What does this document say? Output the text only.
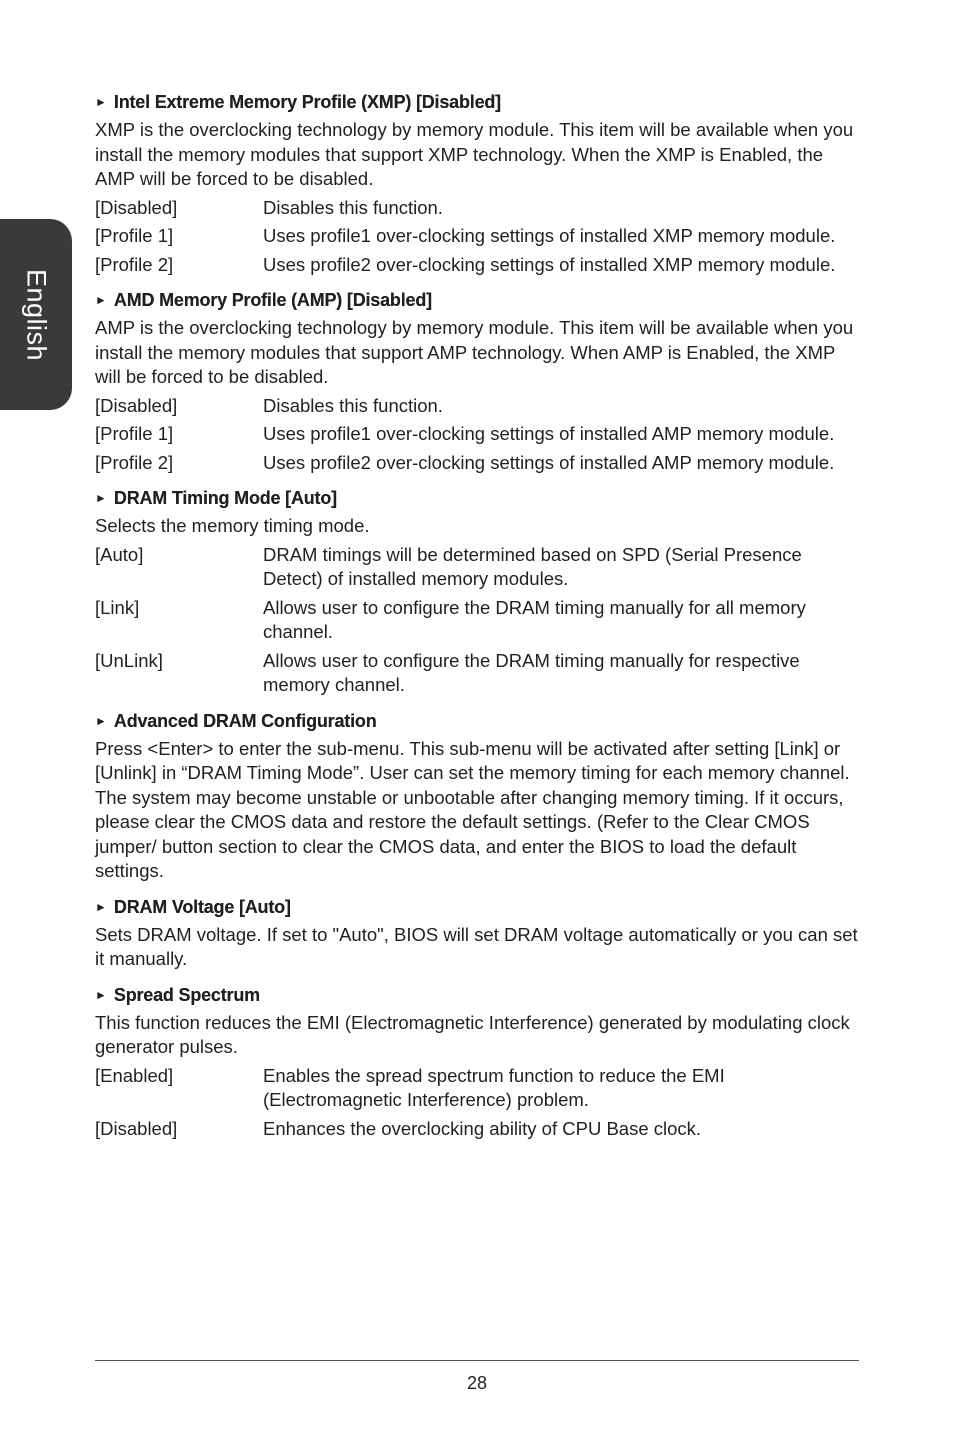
English
► Intel Extreme Memory Profile (XMP) [Disabled]
XMP is the overclocking technology by memory module. This item will be available when you install the memory modules that support XMP technology. When the XMP is Enabled, the AMP will be forced to be disabled.
[Disabled]	Disables this function.
[Profile 1]	Uses profile1 over-clocking settings of installed XMP memory module.
[Profile 2]	Uses profile2 over-clocking settings of installed XMP memory module.
► AMD Memory Profile (AMP) [Disabled]
AMP is the overclocking technology by memory module. This item will be available when you install the memory modules that support AMP technology. When AMP is Enabled, the XMP will be forced to be disabled.
[Disabled]	Disables this function.
[Profile 1]	Uses profile1 over-clocking settings of installed AMP memory module.
[Profile 2]	Uses profile2 over-clocking settings of installed AMP memory module.
► DRAM Timing Mode [Auto]
Selects the memory timing mode.
[Auto]	DRAM timings will be determined based on SPD (Serial Presence Detect) of installed memory modules.
[Link]	Allows user to configure the DRAM timing manually for all memory channel.
[UnLink]	Allows user to configure the DRAM timing manually for respective memory channel.
► Advanced DRAM Configuration
Press <Enter> to enter the sub-menu. This sub-menu will be activated after setting [Link] or [Unlink] in “DRAM Timing Mode”. User can set the memory timing for each memory channel. The system may become unstable or unbootable after changing memory timing. If it occurs, please clear the CMOS data and restore the default settings. (Refer to the Clear CMOS jumper/ button section to clear the CMOS data, and enter the BIOS to load the default settings.
► DRAM Voltage [Auto]
Sets DRAM voltage. If set to "Auto", BIOS will set DRAM voltage automatically or you can set it manually.
► Spread Spectrum
This function reduces the EMI (Electromagnetic Interference) generated by modulating clock generator pulses.
[Enabled]	Enables the spread spectrum function to reduce the EMI (Electromagnetic Interference) problem.
[Disabled]	Enhances the overclocking ability of CPU Base clock.
28
